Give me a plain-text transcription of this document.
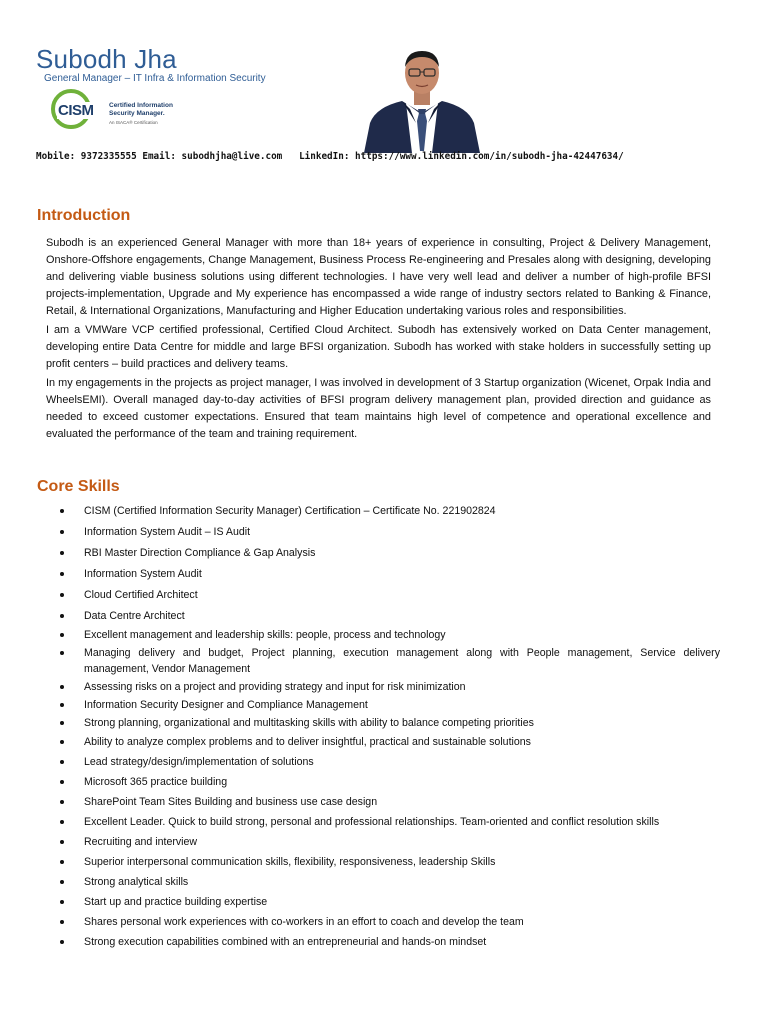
Subodh Jha
General Manager – IT Infra & Information Security
CISM Certified Information
Security Manager.
An ISACA® Certification
Mobile: 9372335555 Email: subodhjha@live.com   LinkedIn: https://www.linkedin.com/in/subodh-jha-42447634/
Introduction

Subodh is an experienced General Manager with more than 18+ years of experience in consulting, Project & Delivery Management, Onshore-Offshore engagements, Change Management, Business Process Re-engineering and Presales along with designing, developing and delivering viable business solutions using different technologies. I have very well lead and deliver a number of high-profile BFSI projects-implementation, Upgrade and My experience has encompassed a wide range of industry sectors related to Banking & Finance, Retail, & International Organizations, Manufacturing and Higher Education undertaking various roles and responsibilities.

I am a VMWare VCP certified professional, Certified Cloud Architect. Subodh has extensively worked on Data Center management, developing entire Data Centre for middle and large BFSI organization. Subodh has worked with stake holders in successfully setting up profit centers – build practices and delivery teams.

In my engagements in the projects as project manager, I was involved in development of 3 Startup organization (Wicenet, Orpak India and WheelsEMI). Overall managed day-to-day activities of BFSI program delivery management plan, provided direction and guidance as needed to exceed customer expectations. Ensured that team maintains high level of competence and operational excellence and evaluated the performance of the team and training requirement.

Core Skills
CISM (Certified Information Security Manager) Certification – Certificate No. 221902824
Information System Audit – IS Audit
RBI Master Direction Compliance & Gap Analysis
Information System Audit
Cloud Certified Architect
Data Centre Architect
Excellent management and leadership skills: people, process and technology
Managing delivery and budget, Project planning, execution management along with People management, Service delivery management, Vendor Management
Assessing risks on a project and providing strategy and input for risk minimization
Information Security Designer and Compliance Management
Strong planning, organizational and multitasking skills with ability to balance competing priorities
Ability to analyze complex problems and to deliver insightful, practical and sustainable solutions
Lead strategy/design/implementation of solutions
Microsoft 365 practice building
SharePoint Team Sites Building and business use case design
Excellent Leader. Quick to build strong, personal and professional relationships. Team-oriented and conflict resolution skills
Recruiting and interview
Superior interpersonal communication skills, flexibility, responsiveness, leadership Skills
Strong analytical skills
Start up and practice building expertise
Shares personal work experiences with co-workers in an effort to coach and develop the team
Strong execution capabilities combined with an entrepreneurial and hands-on mindset
